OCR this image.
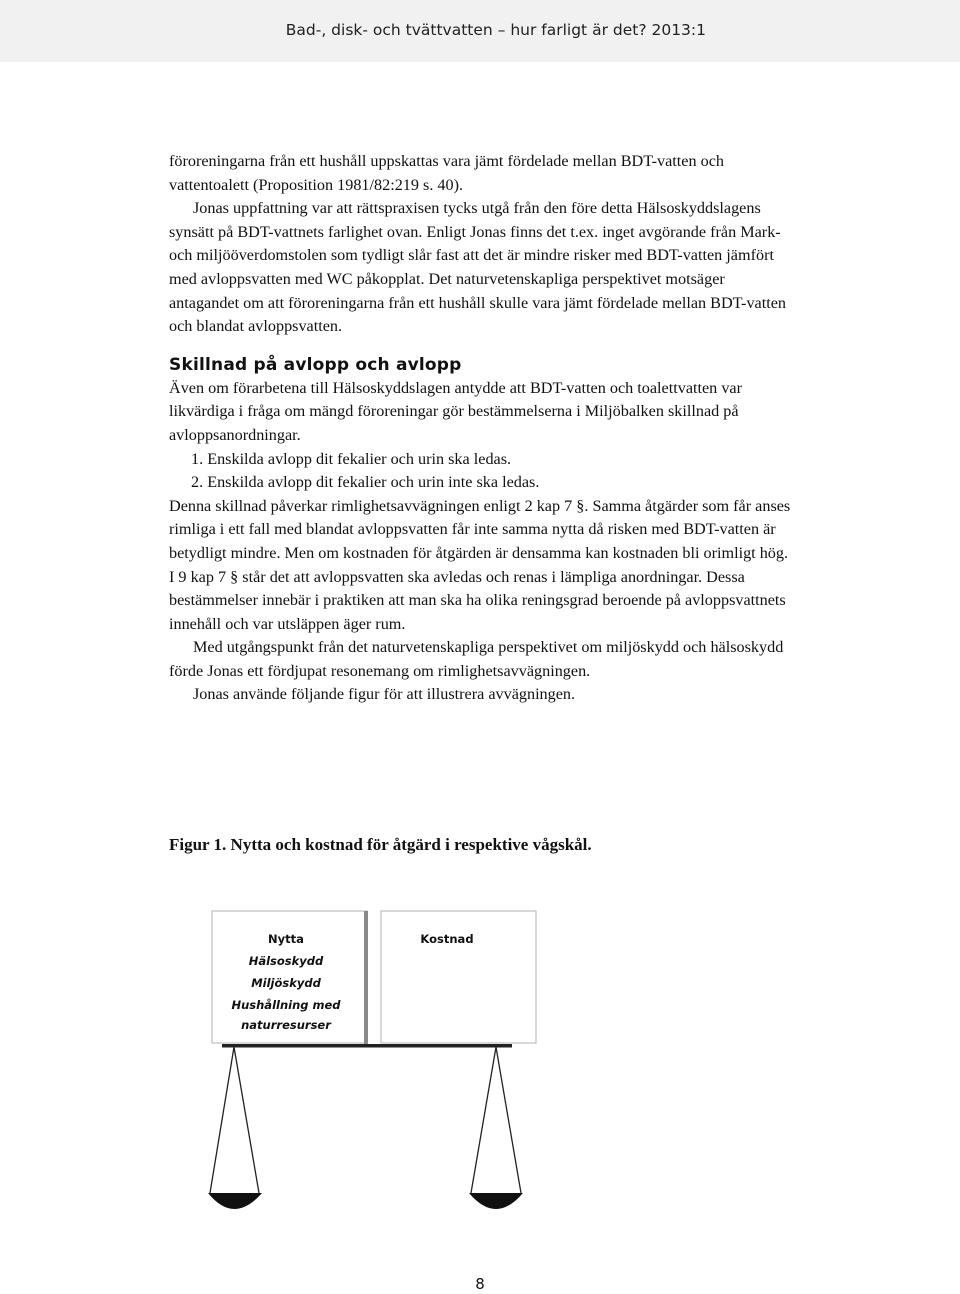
Bad-, disk- och tvättvatten – hur farligt är det? 2013:1

föroreningarna från ett hushåll uppskattas vara jämt fördelade mellan BDT-vatten och vattentoalett (Proposition 1981/82:219 s. 40).

Jonas uppfattning var att rättspraxisen tycks utgå från den före detta Hälsoskyddslagens synsätt på BDT-vattnets farlighet ovan. Enligt Jonas finns det t.ex. inget avgörande från Mark- och miljööverdomstolen som tydligt slår fast att det är mindre risker med BDT-vatten jämfört med avloppsvatten med WC påkopplat. Det naturvetenskapliga perspektivet motsäger antagandet om att föroreningarna från ett hushåll skulle vara jämt fördelade mellan BDT-vatten och blandat avloppsvatten.

Skillnad på avlopp och avlopp

Även om förarbetena till Hälsoskyddslagen antydde att BDT-vatten och toalettvatten var likvärdiga i fråga om mängd föroreningar gör bestämmelserna i Miljöbalken skillnad på avloppsanordningar.

1. Enskilda avlopp dit fekalier och urin ska ledas.

2. Enskilda avlopp dit fekalier och urin inte ska ledas.

Denna skillnad påverkar rimlighetsavvägningen enligt 2 kap 7 §. Samma åtgärder som får anses rimliga i ett fall med blandat avloppsvatten får inte samma nytta då risken med BDT-vatten är betydligt mindre. Men om kostnaden för åtgärden är densamma kan kostnaden bli orimligt hög. I 9 kap 7 § står det att avloppsvatten ska avledas och renas i lämpliga anordningar. Dessa bestämmelser innebär i praktiken att man ska ha olika reningsgrad beroende på avloppsvattnets innehåll och var utsläppen äger rum.

Med utgångspunkt från det naturvetenskapliga perspektivet om miljöskydd och hälsoskydd förde Jonas ett fördjupat resonemang om rimlighetsavvägningen.

Jonas använde följande figur för att illustrera avvägningen.

Figur 1. Nytta och kostnad för åtgärd i respektive vågskål.
Nytta
Hälsoskydd
Miljöskydd
Hushållning med
naturresurser
Kostnad
8
